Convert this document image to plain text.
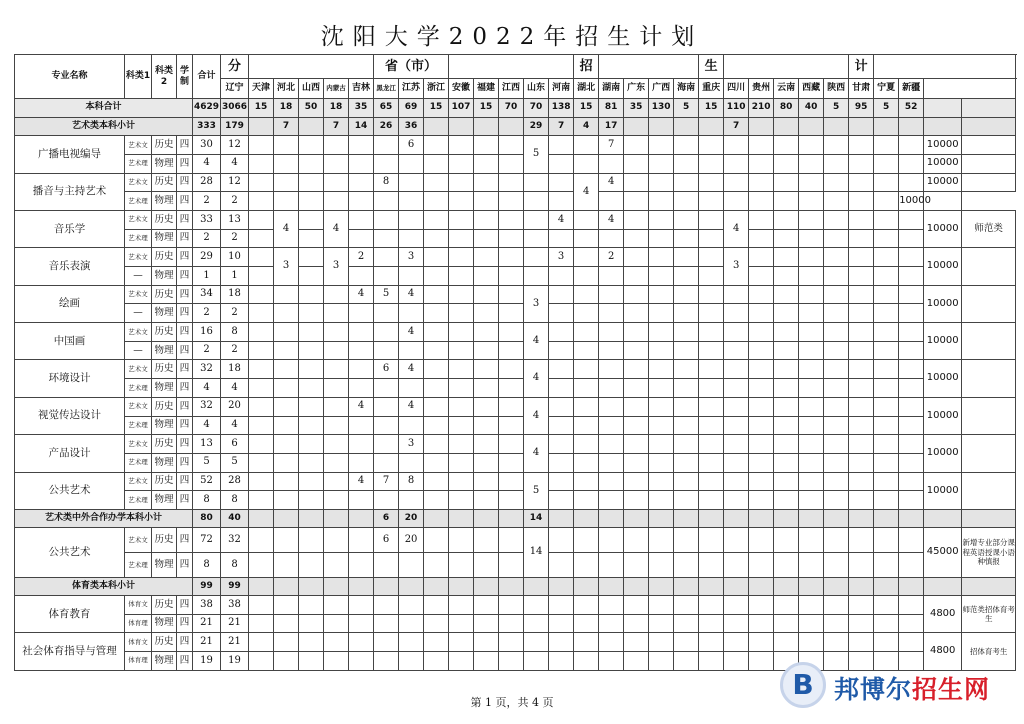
沈阳大学2022年招生计划
专业名称	科类1	科类2	学制	合计	分						省（市）								招					生						计				
					辽宁	天津	河北	山西	内蒙古	吉林	黑龙江	江苏	浙江	安徽	福建	江西	山东	河南	湖北	湖南	广东	广西	海南	重庆	四川	贵州	云南	西藏	陕西	甘肃	宁夏	新疆			
本科合计				4629	3066	15	18	50	18	35	65	69	15	107	15	70	70	138	15	81	35	130	5	15	110	210	80	40	5	95	5	52			
艺术类本科小计				333	179		7		7	14	26	36					29	7	4	17					7										
广播电视编导	艺术文	历史	四	30	12							6					5			7													10000		
	艺术理	物理	四	4	4																												10000		
播音与主持艺术	艺术文	历史	四	28	12						8								4	4													10000		
	艺术理	物理	四	2	2																											10000			
音乐学	艺术文	历史	四	33	13		4		4									4		4					4								10000	师范类	
	艺术理	物理	四	2	2																														
音乐表演	艺术文	历史	四	29	10		3		3	2		3						3		2					3								10000		
	—	物理	四	1	1																														
绘画	艺术文	历史	四	34	18					4	5	4					3																10000		
	—	物理	四	2	2																														
中国画	艺术文	历史	四	16	8							4					4																10000		
	—	物理	四	2	2																														
环境设计	艺术文	历史	四	32	18						6	4					4																10000		
	艺术理	物理	四	4	4																														
视觉传达设计	艺术文	历史	四	32	20					4		4					4																10000		
	艺术理	物理	四	4	4																														
产品设计	艺术文	历史	四	13	6							3					4																10000		
	艺术理	物理	四	5	5																														
公共艺术	艺术文	历史	四	52	28					4	7	8					5																10000		
	艺术理	物理	四	8	8																														
艺术类中外合作办学本科小计				80	40						6	20					14																		
公共艺术	艺术文	历史	四	72	32						6	20					14																45000	新增专业部分课程英语授课小语种慎报	
	艺术理	物理	四	8	8																														
体育类本科小计				99	99																														
体育教育	体育文	历史	四	38	38																												4800	师范类招体育考生	
	体育理	物理	四	21	21																														
社会体育指导与管理	体育文	历史	四	21	21																												4800	招体育考生	
	体育理	物理	四	19	19																														
第 1 页，共 4 页
B 邦博尔招生网
